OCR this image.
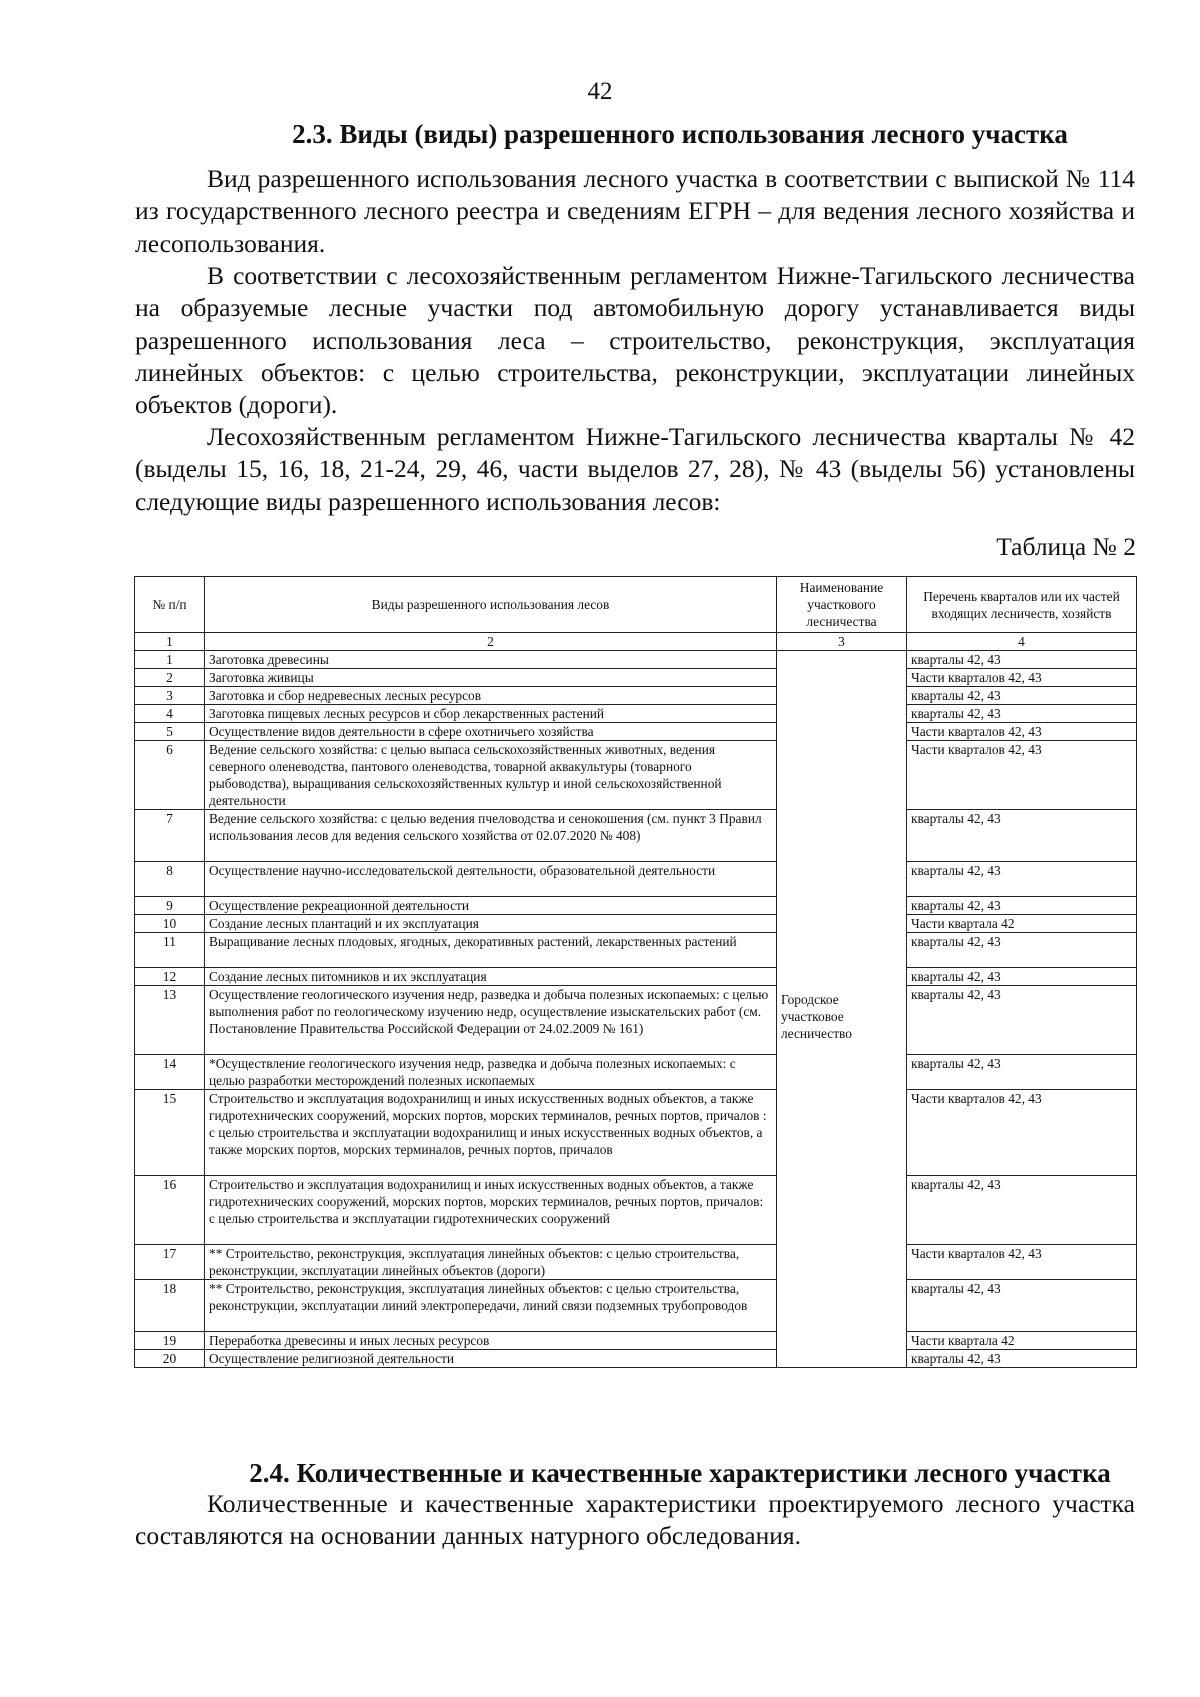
42
2.3. Виды (виды) разрешенного использования лесного участка
Вид разрешенного использования лесного участка в соответствии с выпиской № 114 из государственного лесного реестра и сведениям ЕГРН – для ведения лесного хозяйства и лесопользования.
В соответствии с лесохозяйственным регламентом Нижне-Тагильского лесничества на образуемые лесные участки под автомобильную дорогу устанавливается виды разрешенного использования леса – строительство, реконструкция, эксплуатация линейных объектов: с целью строительства, реконструкции, эксплуатации линейных объектов (дороги).
Лесохозяйственным регламентом Нижне-Тагильского лесничества кварталы № 42 (выделы 15, 16, 18, 21-24, 29, 46, части выделов 27, 28), № 43 (выделы 56) установлены следующие виды разрешенного использования лесов:
Таблица № 2
№ п/п	Виды разрешенного использования лесов	Наименование участкового лесничества	Перечень кварталов или их частей входящих лесничеств, хозяйств
1	2	3	4
1	Заготовка древесины	Городское участковое лесничество	кварталы 42, 43
2	Заготовка живицы		Части кварталов 42, 43
3	Заготовка и сбор недревесных лесных ресурсов		кварталы 42, 43
4	Заготовка пищевых лесных ресурсов и сбор лекарственных растений		кварталы 42, 43
5	Осуществление видов деятельности в сфере охотничьего хозяйства		Части кварталов 42, 43
6	Ведение сельского хозяйства: с целью выпаса сельскохозяйственных животных, ведения северного оленеводства, пантового оленеводства, товарной аквакультуры (товарного рыбоводства), выращивания сельскохозяйственных культур и иной сельскохозяйственной деятельности		Части кварталов 42, 43
7	Ведение сельского хозяйства: с целью ведения пчеловодства и сенокошения (см. пункт 3 Правил использования лесов для ведения сельского хозяйства от 02.07.2020 № 408)		кварталы 42, 43
8	Осуществление научно-исследовательской деятельности, образовательной деятельности		кварталы 42, 43
9	Осуществление рекреационной деятельности		кварталы 42, 43
10	Создание лесных плантаций и их эксплуатация		Части квартала 42
11	Выращивание лесных плодовых, ягодных, декоративных растений, лекарственных растений		кварталы 42, 43
12	Создание лесных питомников и их эксплуатация		кварталы 42, 43
13	Осуществление геологического изучения недр, разведка и добыча полезных ископаемых: с целью выполнения работ по геологическому изучению недр, осуществление изыскательских работ (см. Постановление Правительства Российской Федерации от 24.02.2009 № 161)		кварталы 42, 43
14	*Осуществление геологического изучения недр, разведка и добыча полезных ископаемых: с целью разработки месторождений полезных ископаемых		кварталы 42, 43
15	Строительство и эксплуатация водохранилищ и иных искусственных водных объектов, а также гидротехнических сооружений, морских портов, морских терминалов, речных портов, причалов : с целью строительства и эксплуатации водохранилищ и иных искусственных водных объектов, а также морских портов, морских терминалов, речных портов, причалов		Части кварталов 42, 43
16	Строительство и эксплуатация водохранилищ и иных искусственных водных объектов, а также гидротехнических сооружений, морских портов, морских терминалов, речных портов, причалов: с целью строительства и эксплуатации гидротехнических сооружений		кварталы 42, 43
17	** Строительство, реконструкция, эксплуатация линейных объектов: с целью строительства, реконструкции, эксплуатации линейных объектов (дороги)		Части кварталов 42, 43
18	** Строительство, реконструкция, эксплуатация линейных объектов: с целью строительства, реконструкции, эксплуатации линий электропередачи, линий связи подземных трубопроводов		кварталы 42, 43
19	Переработка древесины и иных лесных ресурсов		Части квартала 42
20	Осуществление религиозной деятельности		кварталы 42, 43
2.4. Количественные и качественные характеристики лесного участка
Количественные и качественные характеристики проектируемого лесного участка составляются на основании данных натурного обследования.
